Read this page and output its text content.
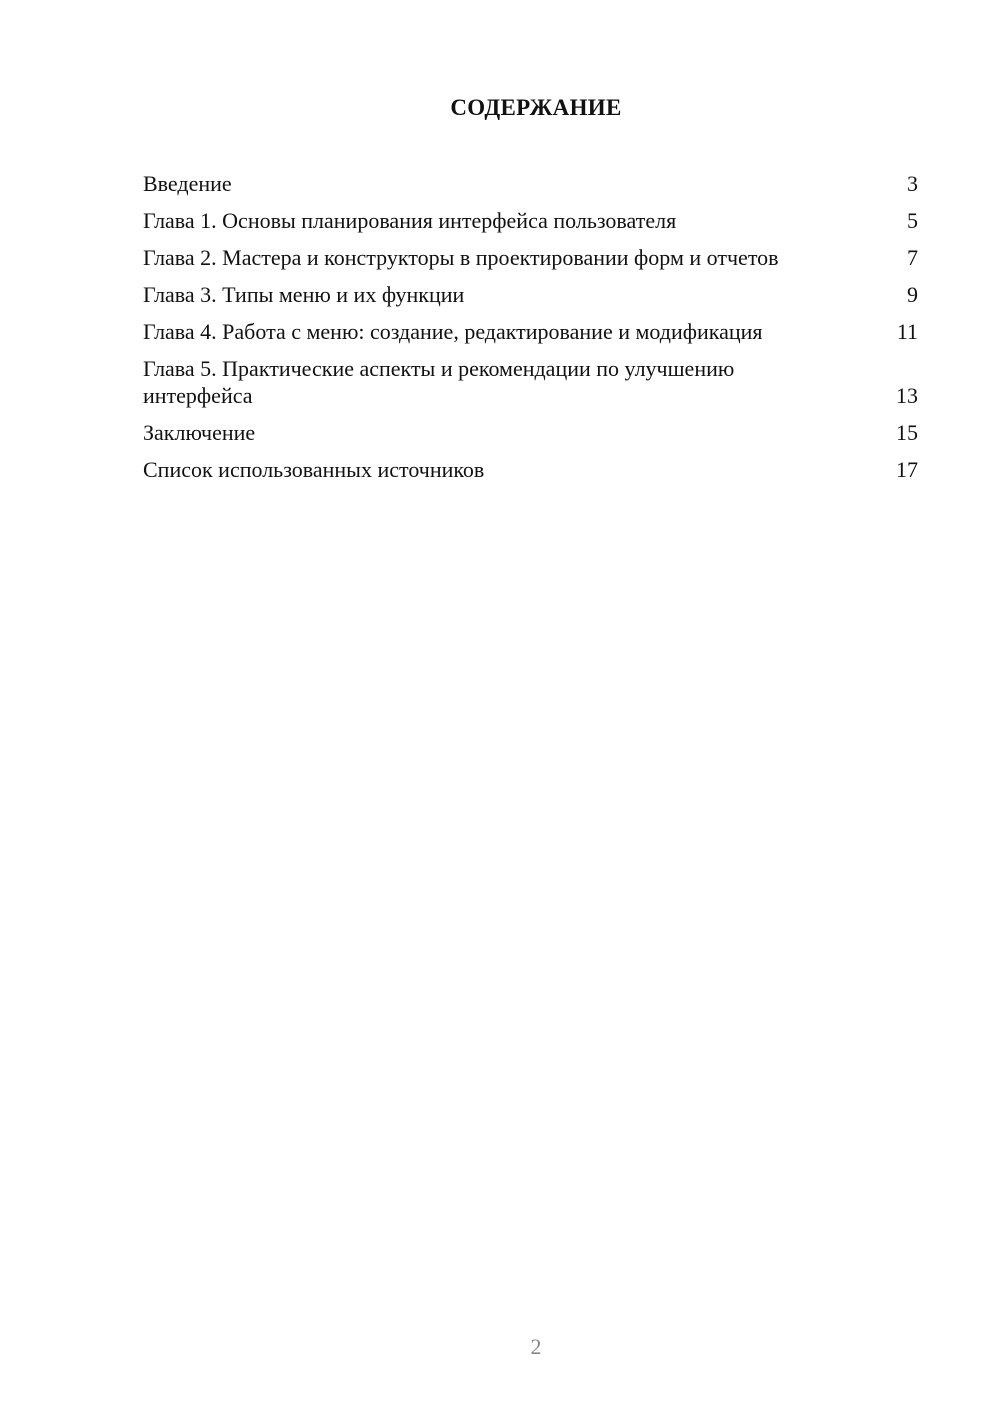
СОДЕРЖАНИЕ
Введение	3
Глава 1. Основы планирования интерфейса пользователя	5
Глава 2. Мастера и конструкторы в проектировании форм и отчетов	7
Глава 3. Типы меню и их функции	9
Глава 4. Работа с меню: создание, редактирование и модификация	11
Глава 5. Практические аспекты и рекомендации по улучшению интерфейса	13
Заключение	15
Список использованных источников	17
2
